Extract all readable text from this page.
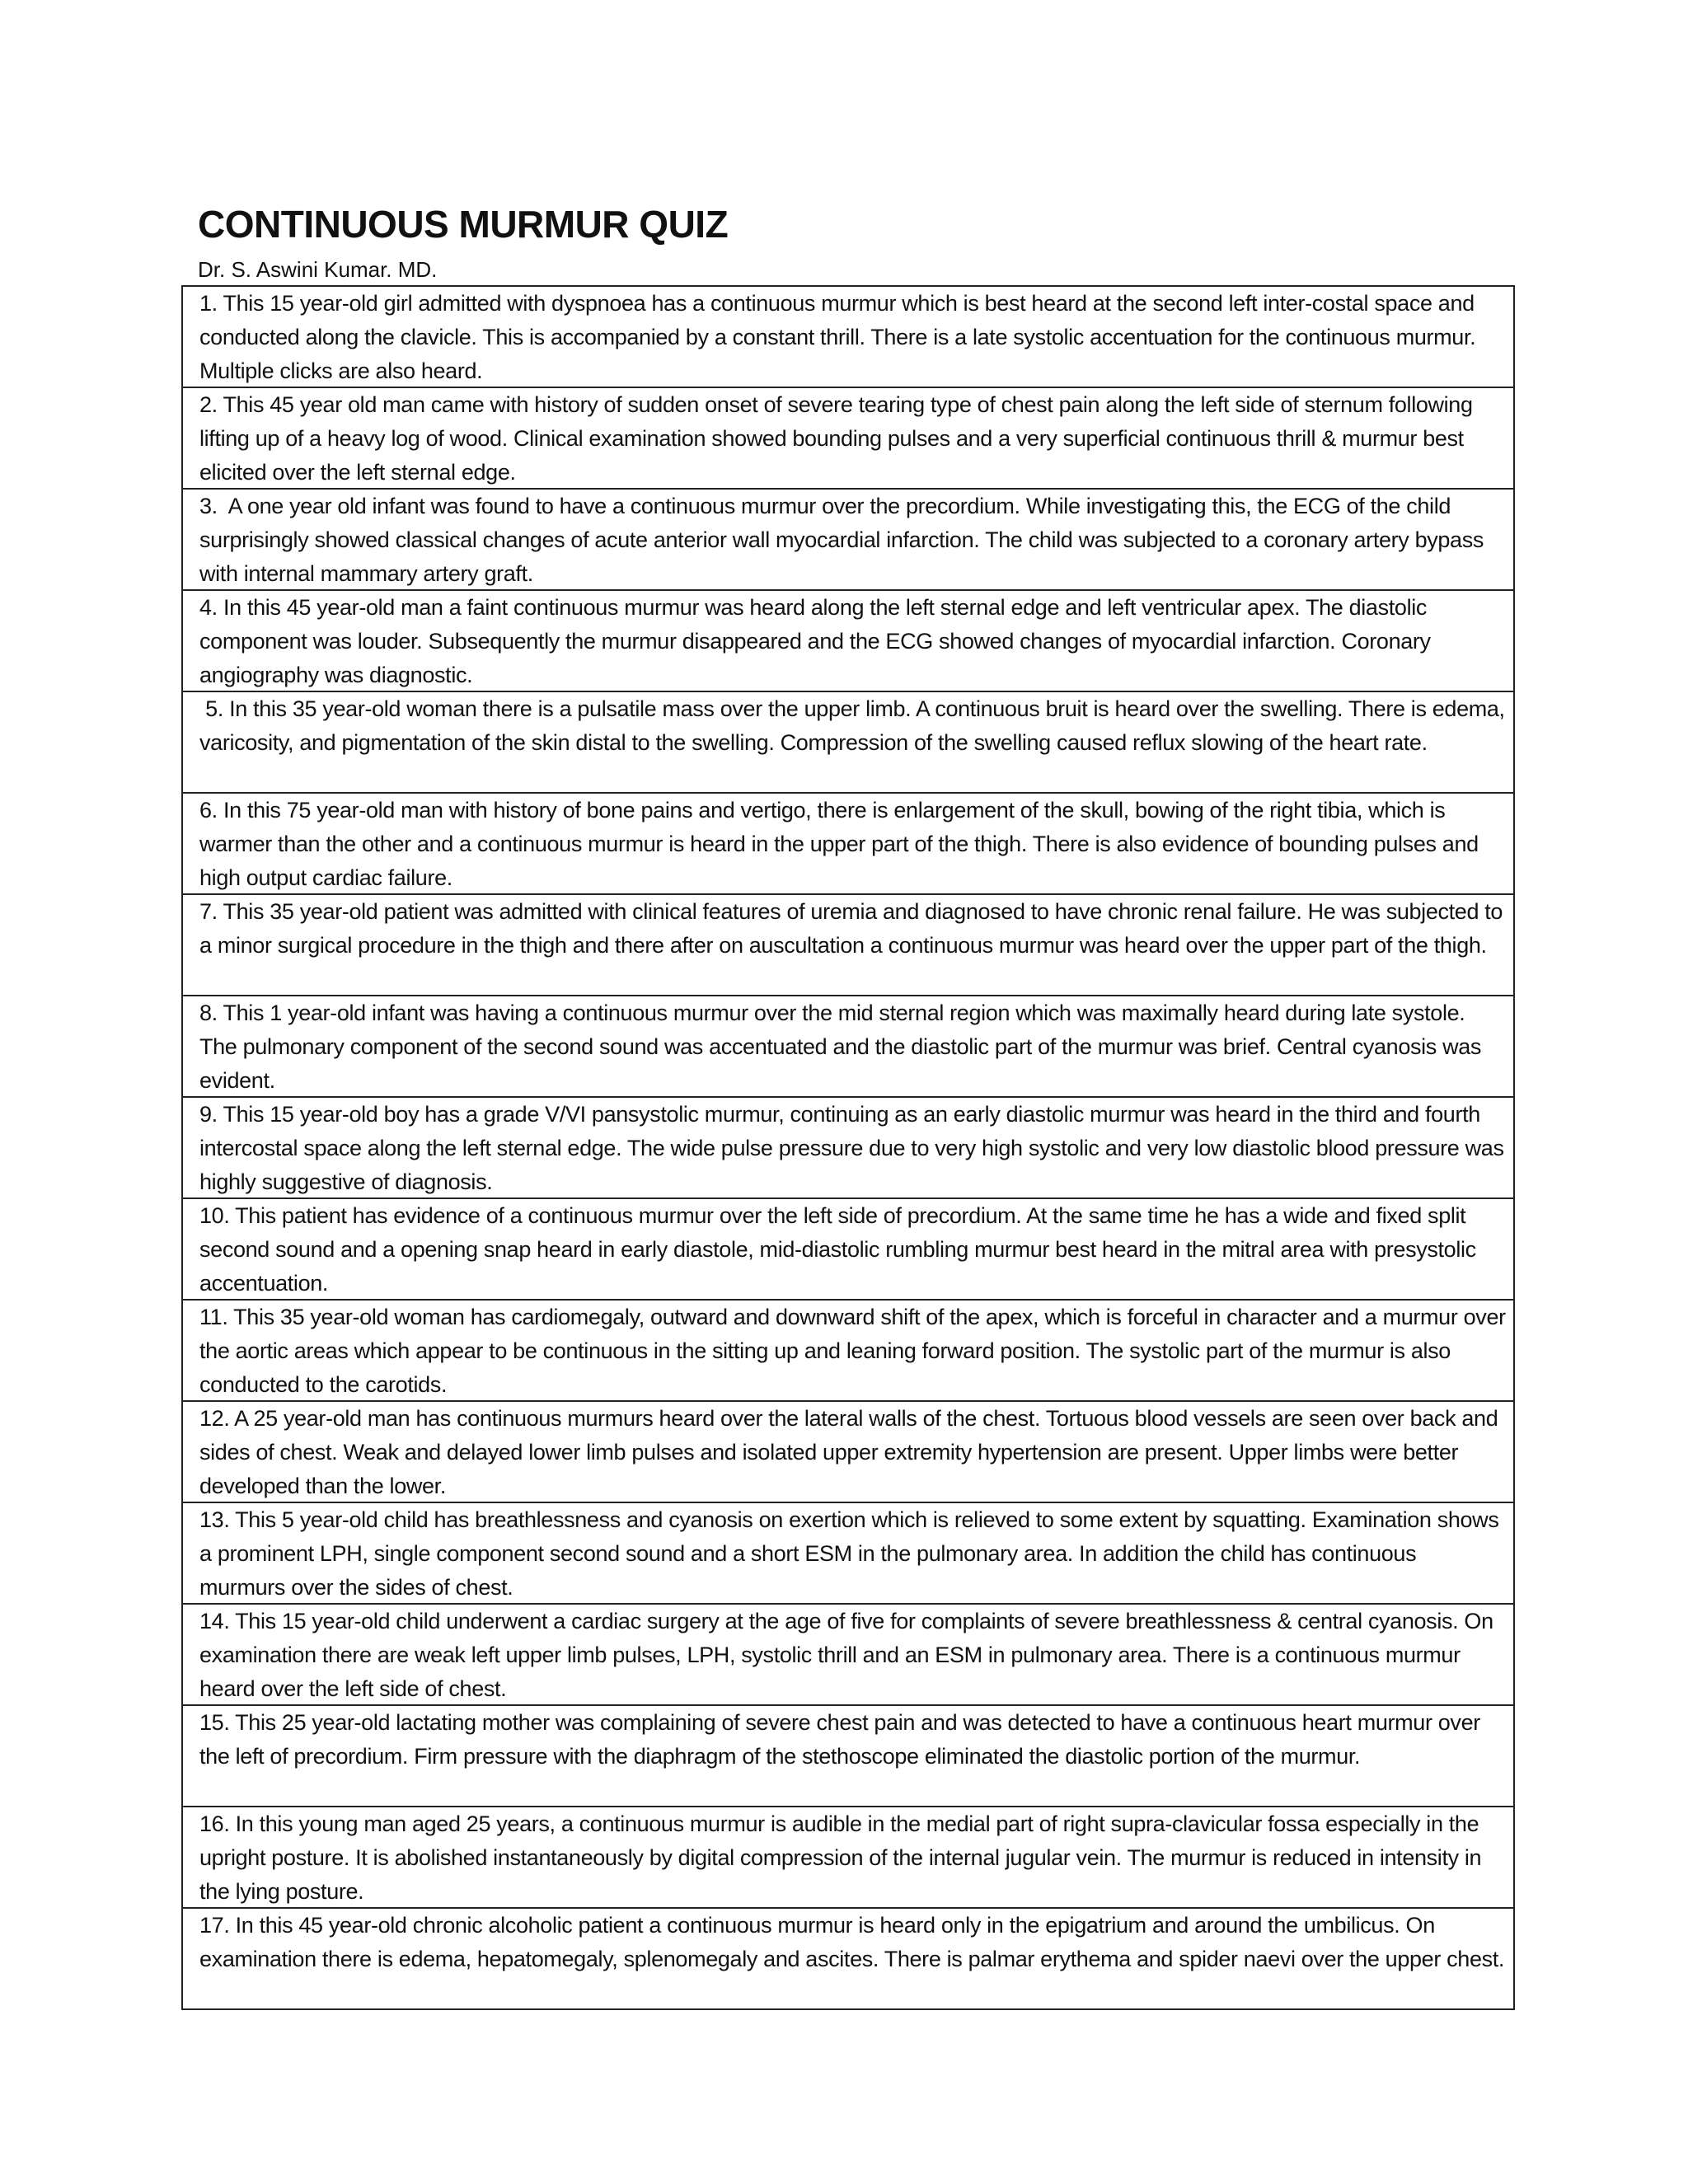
CONTINUOUS MURMUR QUIZ
Dr. S. Aswini Kumar. MD.

1. This 15 year-old girl admitted with dyspnoea has a continuous murmur which is best heard at the second left inter-costal space and conducted along the clavicle. This is accompanied by a constant thrill. There is a late systolic accentuation for the continuous murmur. Multiple clicks are also heard.

2. This 45 year old man came with history of sudden onset of severe tearing type of chest pain along the left side of sternum following lifting up of a heavy log of wood. Clinical examination showed bounding pulses and a very superficial continuous thrill & murmur best elicited over the left sternal edge.

3.  A one year old infant was found to have a continuous murmur over the precordium. While investigating this, the ECG of the child surprisingly showed classical changes of acute anterior wall myocardial infarction. The child was subjected to a coronary artery bypass with internal mammary artery graft.

4. In this 45 year-old man a faint continuous murmur was heard along the left sternal edge and left ventricular apex. The diastolic component was louder. Subsequently the murmur disappeared and the ECG showed changes of myocardial infarction. Coronary angiography was diagnostic.

5. In this 35 year-old woman there is a pulsatile mass over the upper limb. A continuous bruit is heard over the swelling. There is edema, varicosity, and pigmentation of the skin distal to the swelling. Compression of the swelling caused reflux slowing of the heart rate.

6. In this 75 year-old man with history of bone pains and vertigo, there is enlargement of the skull, bowing of the right tibia, which is warmer than the other and a continuous murmur is heard in the upper part of the thigh. There is also evidence of bounding pulses and high output cardiac failure.

7. This 35 year-old patient was admitted with clinical features of uremia and diagnosed to have chronic renal failure. He was subjected to a minor surgical procedure in the thigh and there after on auscultation a continuous murmur was heard over the upper part of the thigh.

8. This 1 year-old infant was having a continuous murmur over the mid sternal region which was maximally heard during late systole. The pulmonary component of the second sound was accentuated and the diastolic part of the murmur was brief. Central cyanosis was evident.

9. This 15 year-old boy has a grade V/VI pansystolic murmur, continuing as an early diastolic murmur was heard in the third and fourth intercostal space along the left sternal edge. The wide pulse pressure due to very high systolic and very low diastolic blood pressure was highly suggestive of diagnosis.

10. This patient has evidence of a continuous murmur over the left side of precordium. At the same time he has a wide and fixed split second sound and a opening snap heard in early diastole, mid-diastolic rumbling murmur best heard in the mitral area with presystolic accentuation.

11. This 35 year-old woman has cardiomegaly, outward and downward shift of the apex, which is forceful in character and a murmur over the aortic areas which appear to be continuous in the sitting up and leaning forward position. The systolic part of the murmur is also conducted to the carotids.

12. A 25 year-old man has continuous murmurs heard over the lateral walls of the chest. Tortuous blood vessels are seen over back and sides of chest. Weak and delayed lower limb pulses and isolated upper extremity hypertension are present. Upper limbs were better developed than the lower.

13. This 5 year-old child has breathlessness and cyanosis on exertion which is relieved to some extent by squatting. Examination shows a prominent LPH, single component second sound and a short ESM in the pulmonary area. In addition the child has continuous murmurs over the sides of chest.

14. This 15 year-old child underwent a cardiac surgery at the age of five for complaints of severe breathlessness & central cyanosis. On examination there are weak left upper limb pulses, LPH, systolic thrill and an ESM in pulmonary area. There is a continuous murmur heard over the left side of chest.

15. This 25 year-old lactating mother was complaining of severe chest pain and was detected to have a continuous heart murmur over the left of precordium. Firm pressure with the diaphragm of the stethoscope eliminated the diastolic portion of the murmur.

16. In this young man aged 25 years, a continuous murmur is audible in the medial part of right supra-clavicular fossa especially in the upright posture. It is abolished instantaneously by digital compression of the internal jugular vein. The murmur is reduced in intensity in the lying posture.

17. In this 45 year-old chronic alcoholic patient a continuous murmur is heard only in the epigatrium and around the umbilicus. On examination there is edema, hepatomegaly, splenomegaly and ascites. There is palmar erythema and spider naevi over the upper chest.
